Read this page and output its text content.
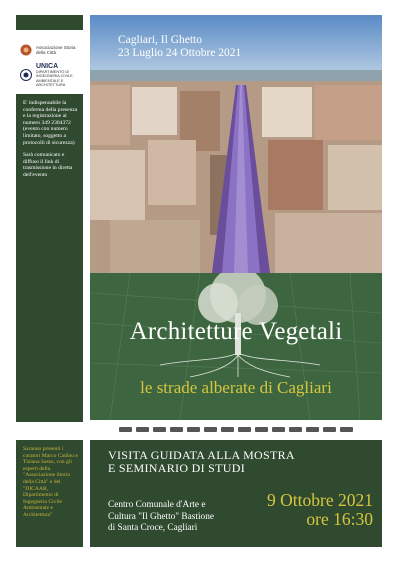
Associazione Storia della Città
UNICA
DIPARTIMENTO DI INGEGNERIA CIVILE, AMBIENTALE E ARCHITETTURA

E' indispensabile la conferma della presenza e la registrazione al numero 349 2304372 (evento con numero limitato, soggetto a protocolli di sicurezza)

Sarà comunicato e diffuso il link di trasmissione in diretta dell'evento

Saranno presenti i curatori Marco Cadinu e Tiziana Sassu, con gli esperti della "Associazione Storia della Città" e del "DICAAR, Dipartimento di Ingegneria Civile Ambientale e Architettura"

Cagliari, Il Ghetto
23 Luglio 24 Ottobre 2021
Architetture Vegetali
le strade alberate di Cagliari
VISITA GUIDATA ALLA MOSTRA
E SEMINARIO DI STUDI
Centro Comunale d'Arte e
Cultura "Il Ghetto" Bastione
di Santa Croce, Cagliari
9 Ottobre 2021
ore 16:30
